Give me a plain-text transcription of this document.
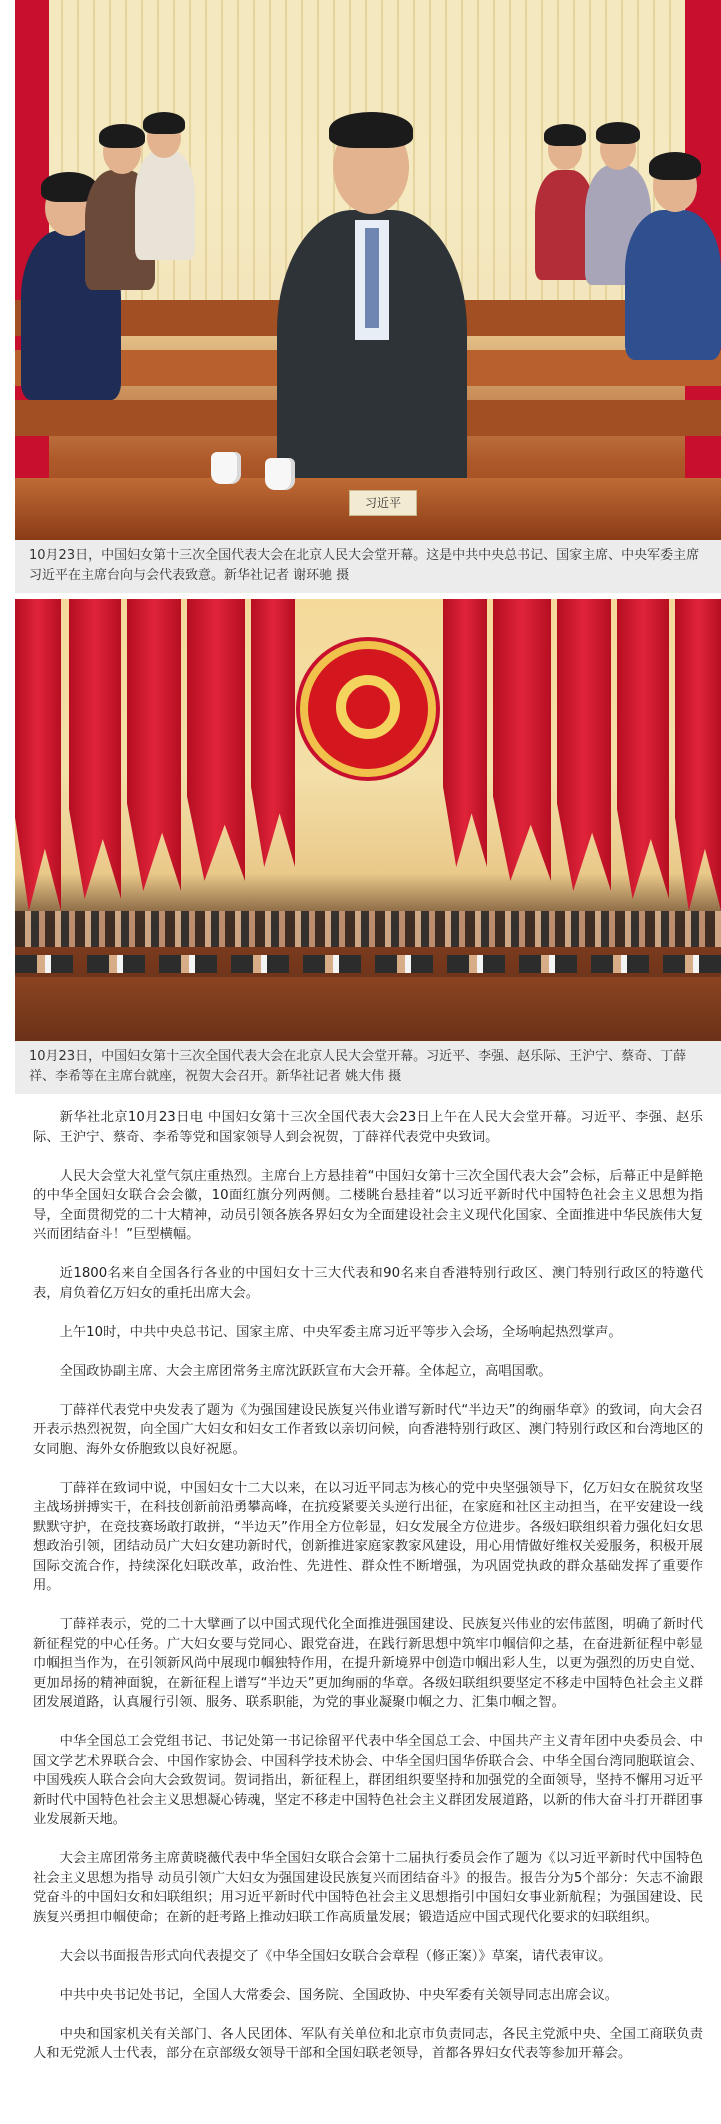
习近平
10月23日，中国妇女第十三次全国代表大会在北京人民大会堂开幕。这是中共中央总书记、国家主席、中央军委主席习近平在主席台向与会代表致意。新华社记者 谢环驰 摄
10月23日，中国妇女第十三次全国代表大会在北京人民大会堂开幕。习近平、李强、赵乐际、王沪宁、蔡奇、丁薛祥、李希等在主席台就座，祝贺大会召开。新华社记者 姚大伟 摄

新华社北京10月23日电 中国妇女第十三次全国代表大会23日上午在人民大会堂开幕。习近平、李强、赵乐际、王沪宁、蔡奇、李希等党和国家领导人到会祝贺，丁薛祥代表党中央致词。

人民大会堂大礼堂气氛庄重热烈。主席台上方悬挂着“中国妇女第十三次全国代表大会”会标，后幕正中是鲜艳的中华全国妇女联合会会徽，10面红旗分列两侧。二楼眺台悬挂着“以习近平新时代中国特色社会主义思想为指导，全面贯彻党的二十大精神，动员引领各族各界妇女为全面建设社会主义现代化国家、全面推进中华民族伟大复兴而团结奋斗！”巨型横幅。

近1800名来自全国各行各业的中国妇女十三大代表和90名来自香港特别行政区、澳门特别行政区的特邀代表，肩负着亿万妇女的重托出席大会。

上午10时，中共中央总书记、国家主席、中央军委主席习近平等步入会场，全场响起热烈掌声。

全国政协副主席、大会主席团常务主席沈跃跃宣布大会开幕。全体起立，高唱国歌。

丁薛祥代表党中央发表了题为《为强国建设民族复兴伟业谱写新时代“半边天”的绚丽华章》的致词，向大会召开表示热烈祝贺，向全国广大妇女和妇女工作者致以亲切问候，向香港特别行政区、澳门特别行政区和台湾地区的女同胞、海外女侨胞致以良好祝愿。

丁薛祥在致词中说，中国妇女十二大以来，在以习近平同志为核心的党中央坚强领导下，亿万妇女在脱贫攻坚主战场拼搏实干，在科技创新前沿勇攀高峰，在抗疫紧要关头逆行出征，在家庭和社区主动担当，在平安建设一线默默守护，在竞技赛场敢打敢拼，“半边天”作用全方位彰显，妇女发展全方位进步。各级妇联组织着力强化妇女思想政治引领，团结动员广大妇女建功新时代，创新推进家庭家教家风建设，用心用情做好维权关爱服务，积极开展国际交流合作，持续深化妇联改革，政治性、先进性、群众性不断增强，为巩固党执政的群众基础发挥了重要作用。

丁薛祥表示，党的二十大擘画了以中国式现代化全面推进强国建设、民族复兴伟业的宏伟蓝图，明确了新时代新征程党的中心任务。广大妇女要与党同心、跟党奋进，在践行新思想中筑牢巾帼信仰之基，在奋进新征程中彰显巾帼担当作为，在引领新风尚中展现巾帼独特作用，在提升新境界中创造巾帼出彩人生，以更为强烈的历史自觉、更加昂扬的精神面貌，在新征程上谱写“半边天”更加绚丽的华章。各级妇联组织要坚定不移走中国特色社会主义群团发展道路，认真履行引领、服务、联系职能，为党的事业凝聚巾帼之力、汇集巾帼之智。

中华全国总工会党组书记、书记处第一书记徐留平代表中华全国总工会、中国共产主义青年团中央委员会、中国文学艺术界联合会、中国作家协会、中国科学技术协会、中华全国归国华侨联合会、中华全国台湾同胞联谊会、中国残疾人联合会向大会致贺词。贺词指出，新征程上，群团组织要坚持和加强党的全面领导，坚持不懈用习近平新时代中国特色社会主义思想凝心铸魂，坚定不移走中国特色社会主义群团发展道路，以新的伟大奋斗打开群团事业发展新天地。

大会主席团常务主席黄晓薇代表中华全国妇女联合会第十二届执行委员会作了题为《以习近平新时代中国特色社会主义思想为指导 动员引领广大妇女为强国建设民族复兴而团结奋斗》的报告。报告分为5个部分：矢志不渝跟党奋斗的中国妇女和妇联组织；用习近平新时代中国特色社会主义思想指引中国妇女事业新航程；为强国建设、民族复兴勇担巾帼使命；在新的赶考路上推动妇联工作高质量发展；锻造适应中国式现代化要求的妇联组织。

大会以书面报告形式向代表提交了《中华全国妇女联合会章程（修正案）》草案，请代表审议。

中共中央书记处书记，全国人大常委会、国务院、全国政协、中央军委有关领导同志出席会议。

中央和国家机关有关部门、各人民团体、军队有关单位和北京市负责同志，各民主党派中央、全国工商联负责人和无党派人士代表，部分在京部级女领导干部和全国妇联老领导，首都各界妇女代表等参加开幕会。
